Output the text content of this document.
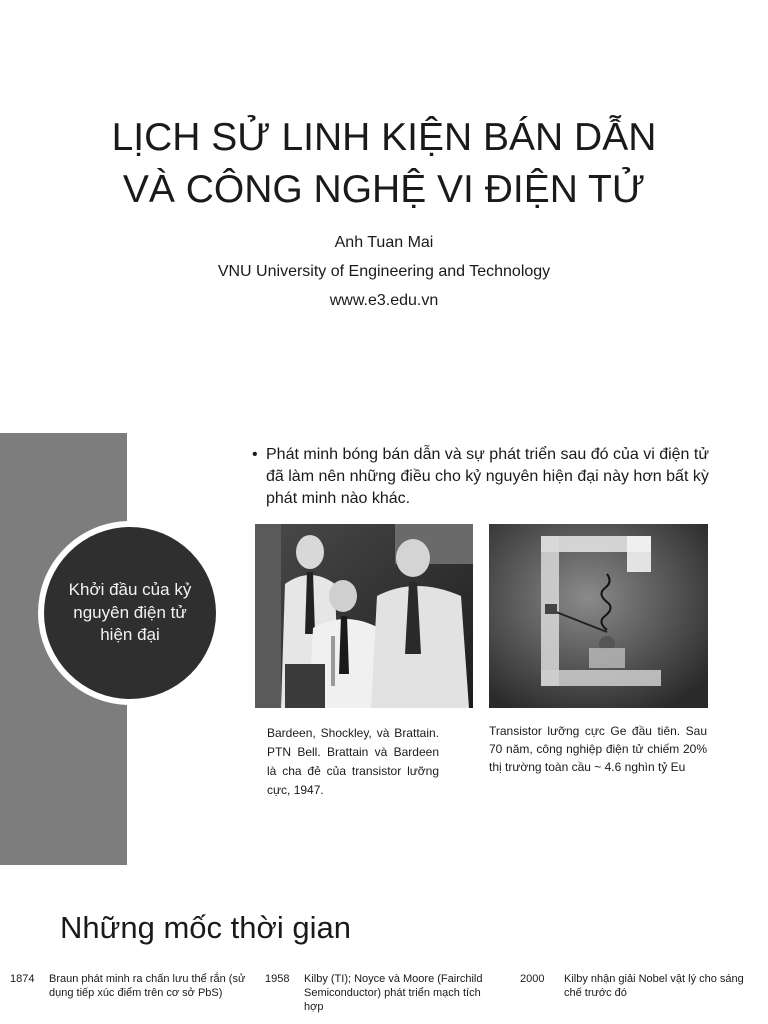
LỊCH SỬ LINH KIỆN BÁN DẪN
VÀ CÔNG NGHỆ VI ĐIỆN TỬ
Anh Tuan Mai
VNU University of Engineering and Technology
www.e3.edu.vn
Khởi đầu của kỷ nguyên điện tử hiện đại
• Phát minh bóng bán dẫn và sự phát triển sau đó của vi điện tử đã làm nên những điều cho kỷ nguyên hiện đại này hơn bất kỳ phát minh nào khác.
Bardeen, Shockley, và Brattain. PTN Bell. Brattain và Bardeen là cha đẻ của transistor lưỡng cực, 1947.
Transistor lưỡng cực Ge đầu tiên. Sau 70 năm, công nghiệp điện tử chiếm 20% thị trường toàn cầu ~ 4.6 nghìn tỷ Eu
Những mốc thời gian
1874 Braun phát minh ra chấn lưu thể rắn (sử dụng tiếp xúc điểm trên cơ sở PbS)
1958 Kilby (TI); Noyce và Moore (Fairchild Semiconductor) phát triển mạch tích hợp
2000 Kilby nhận giải Nobel vật lý cho sáng chế trước đó
